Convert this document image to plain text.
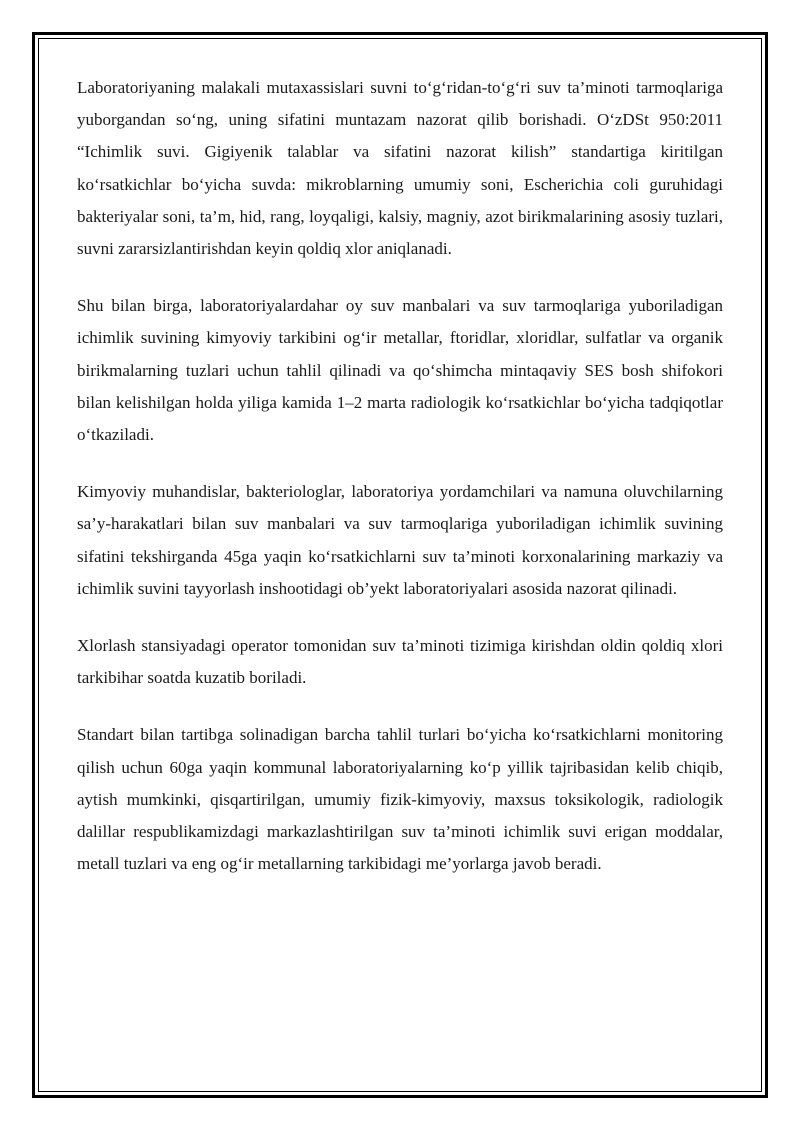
Laboratoriyaning malakali mutaxassislari suvni to‘g‘ridan-to‘g‘ri suv ta’minoti tarmoqlariga yuborgandan so‘ng, uning sifatini muntazam nazorat qilib borishadi. O‘zDSt 950:2011 “Ichimlik suvi. Gigiyenik talablar va sifatini nazorat kilish” standartiga kiritilgan ko‘rsatkichlar bo‘yicha suvda: mikroblarning umumiy soni, Escherichia coli guruhidagi bakteriyalar soni, ta’m, hid, rang, loyqaligi, kalsiy, magniy, azot birikmalarining asosiy tuzlari, suvni zararsizlantirishdan keyin qoldiq xlor aniqlanadi.

Shu bilan birga, laboratoriyalardahar oy suv manbalari va suv tarmoqlariga yuboriladigan ichimlik suvining kimyoviy tarkibini og‘ir metallar, ftoridlar, xloridlar, sulfatlar va organik birikmalarning tuzlari uchun tahlil qilinadi va qo‘shimcha mintaqaviy SES bosh shifokori bilan kelishilgan holda yiliga kamida 1–2 marta radiologik ko‘rsatkichlar bo‘yicha tadqiqotlar o‘tkaziladi.

Kimyoviy muhandislar, bakteriologlar, laboratoriya yordamchilari va namuna oluvchilarning sa’y-harakatlari bilan suv manbalari va suv tarmoqlariga yuboriladigan ichimlik suvining sifatini tekshirganda 45ga yaqin ko‘rsatkichlarni suv ta’minoti korxonalarining markaziy va ichimlik suvini tayyorlash inshootidagi ob’yekt laboratoriyalari asosida nazorat qilinadi.

Xlorlash stansiyadagi operator tomonidan suv ta’minoti tizimiga kirishdan oldin qoldiq xlori tarkibihar soatda kuzatib boriladi.

Standart bilan tartibga solinadigan barcha tahlil turlari bo‘yicha ko‘rsatkichlarni monitoring qilish uchun 60ga yaqin kommunal laboratoriyalarning ko‘p yillik tajribasidan kelib chiqib, aytish mumkinki, qisqartirilgan, umumiy fizik-kimyoviy, maxsus toksikologik, radiologik dalillar respublikamizdagi markazlashtirilgan suv ta’minoti ichimlik suvi erigan moddalar, metall tuzlari va eng og‘ir metallarning tarkibidagi me’yorlarga javob beradi.
